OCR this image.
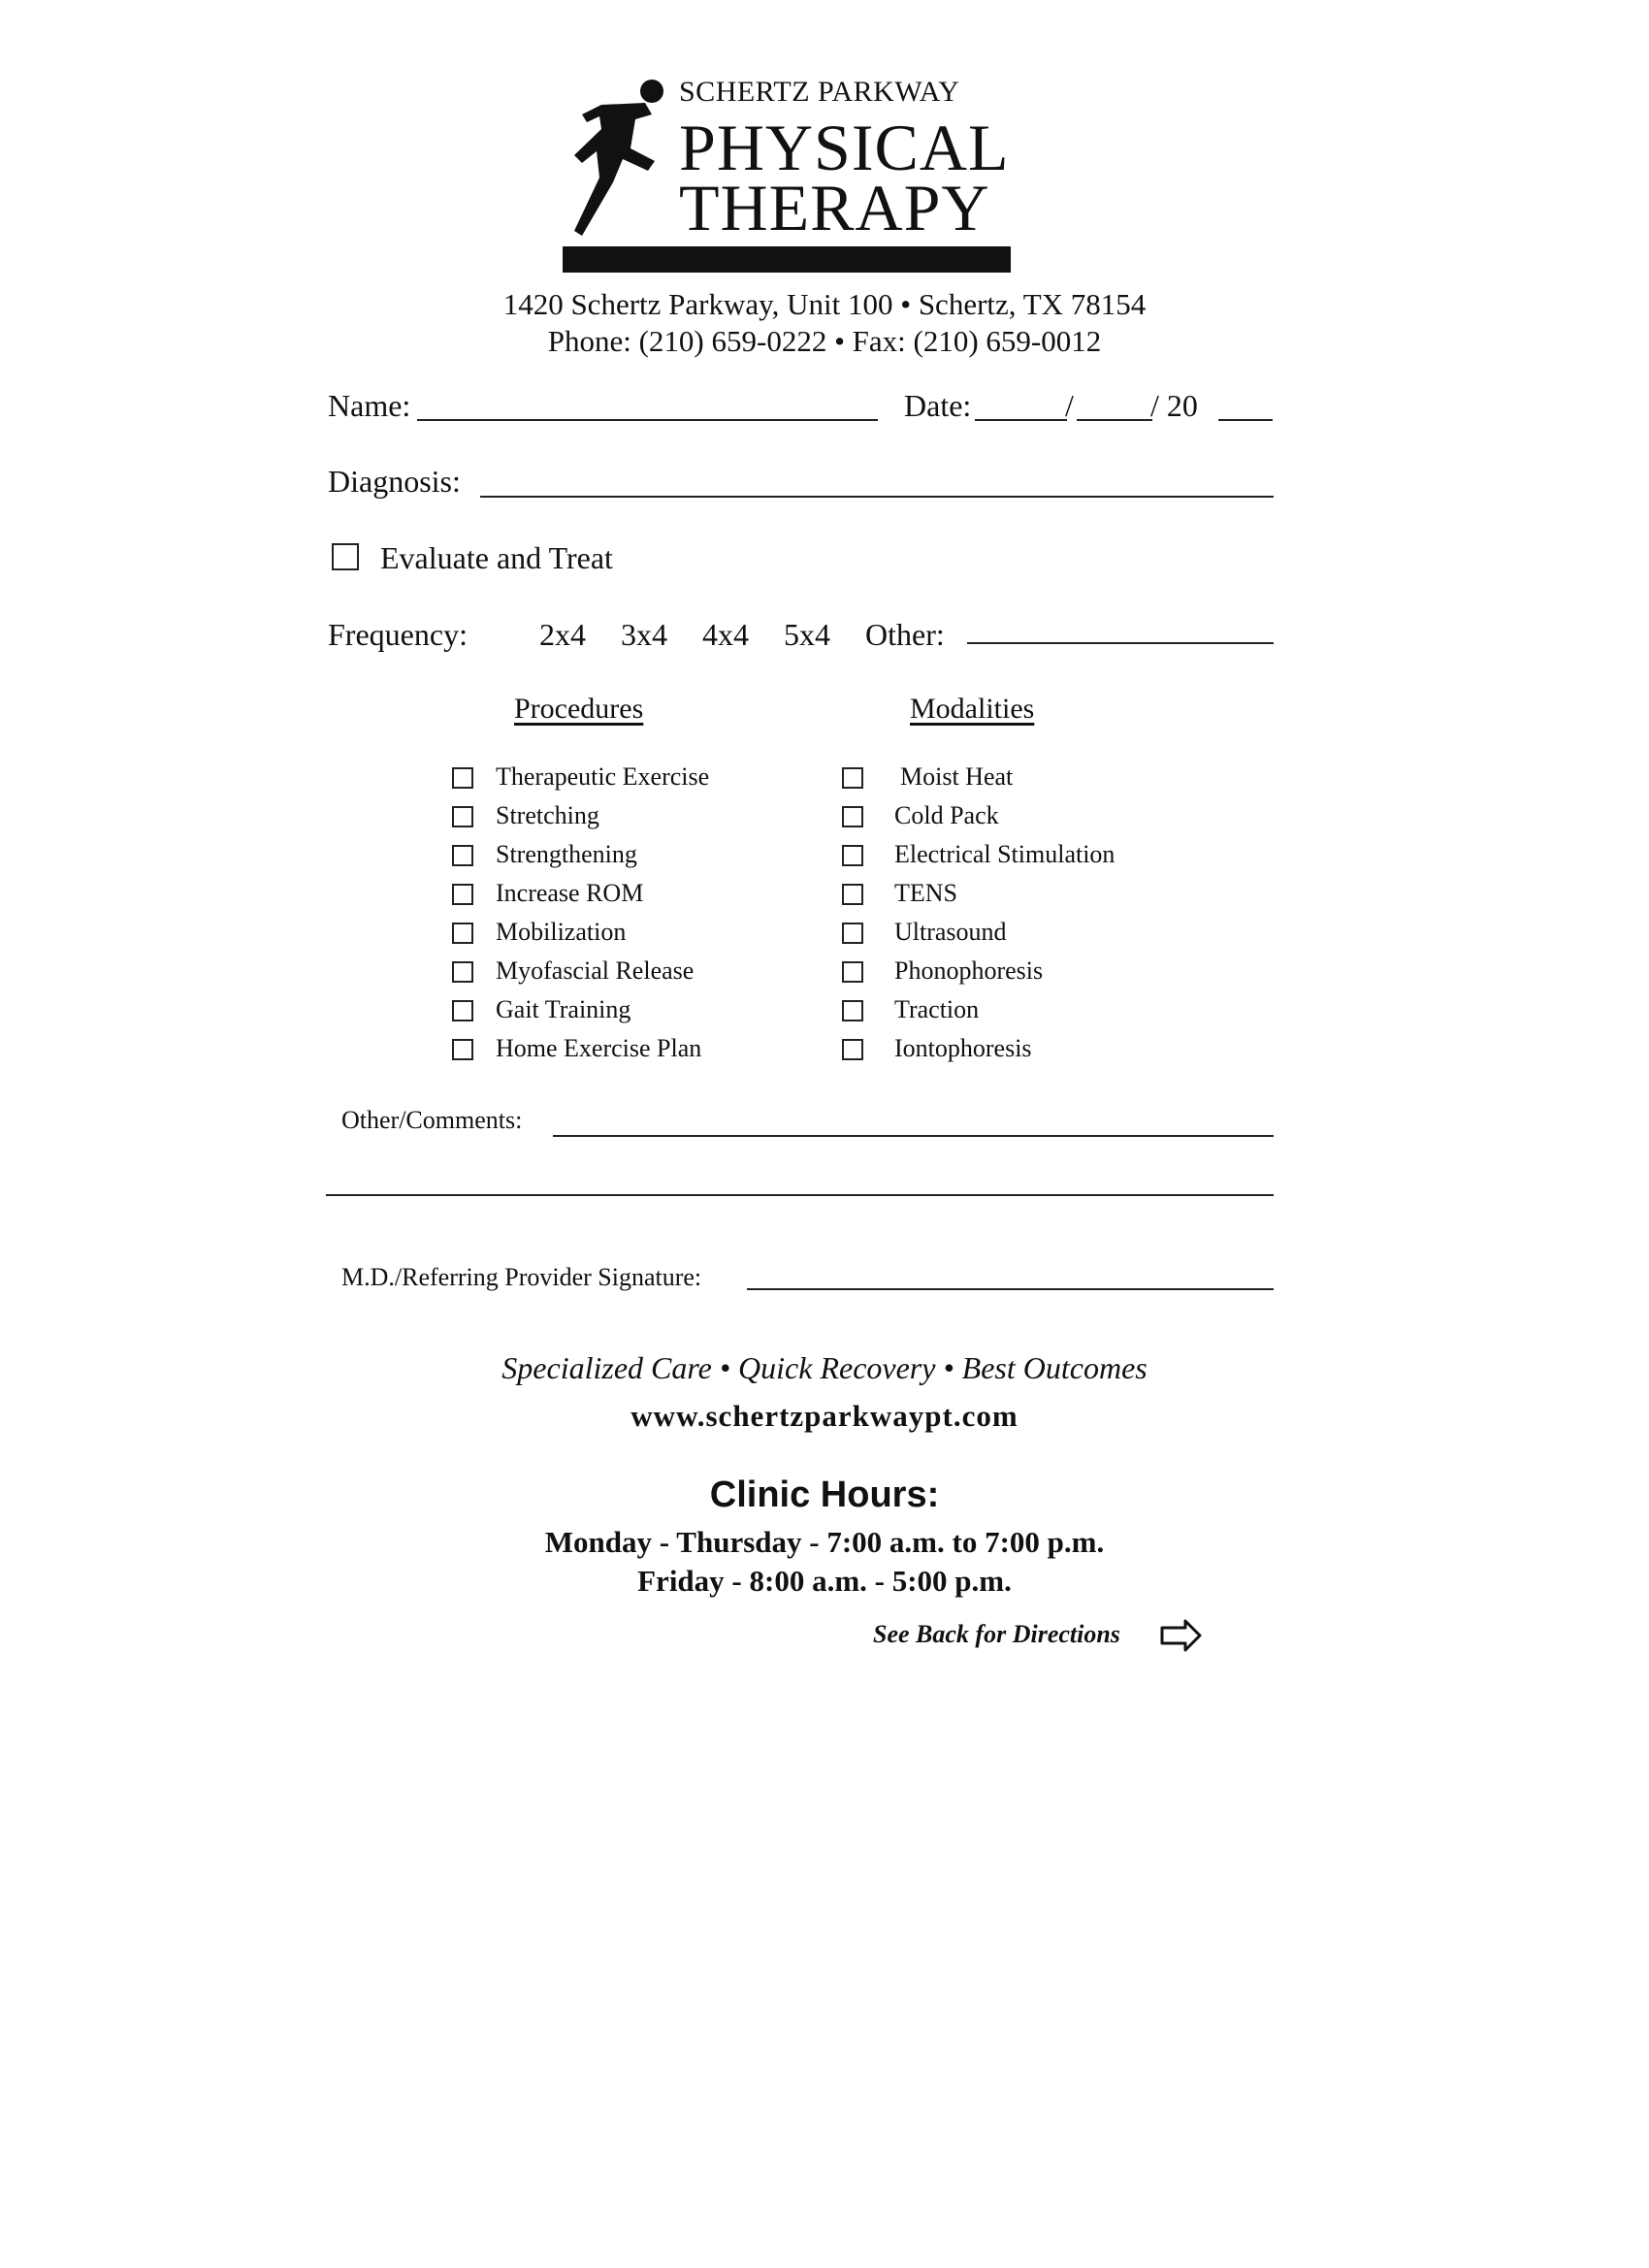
SCHERTZ PARKWAY
PHYSICAL
THERAPY
1420 Schertz Parkway, Unit 100 • Schertz, TX 78154
Phone: (210) 659-0222 • Fax: (210) 659-0012
Name:	Date:	/ / 20
Diagnosis:
Evaluate and Treat
Frequency: 2x4 3x4 4x4 5x4 Other:
Procedures	Modalities
Therapeutic Exercise
Stretching
Strengthening
Increase ROM
Mobilization
Myofascial Release
Gait Training
Home Exercise Plan
Moist Heat
Cold Pack
Electrical Stimulation
TENS
Ultrasound
Phonophoresis
Traction
Iontophoresis
Other/Comments:
M.D./Referring Provider Signature:
Specialized Care • Quick Recovery • Best Outcomes
www.schertzparkwaypt.com
Clinic Hours:
Monday - Thursday - 7:00 a.m. to 7:00 p.m.
Friday - 8:00 a.m. - 5:00 p.m.
See Back for Directions
